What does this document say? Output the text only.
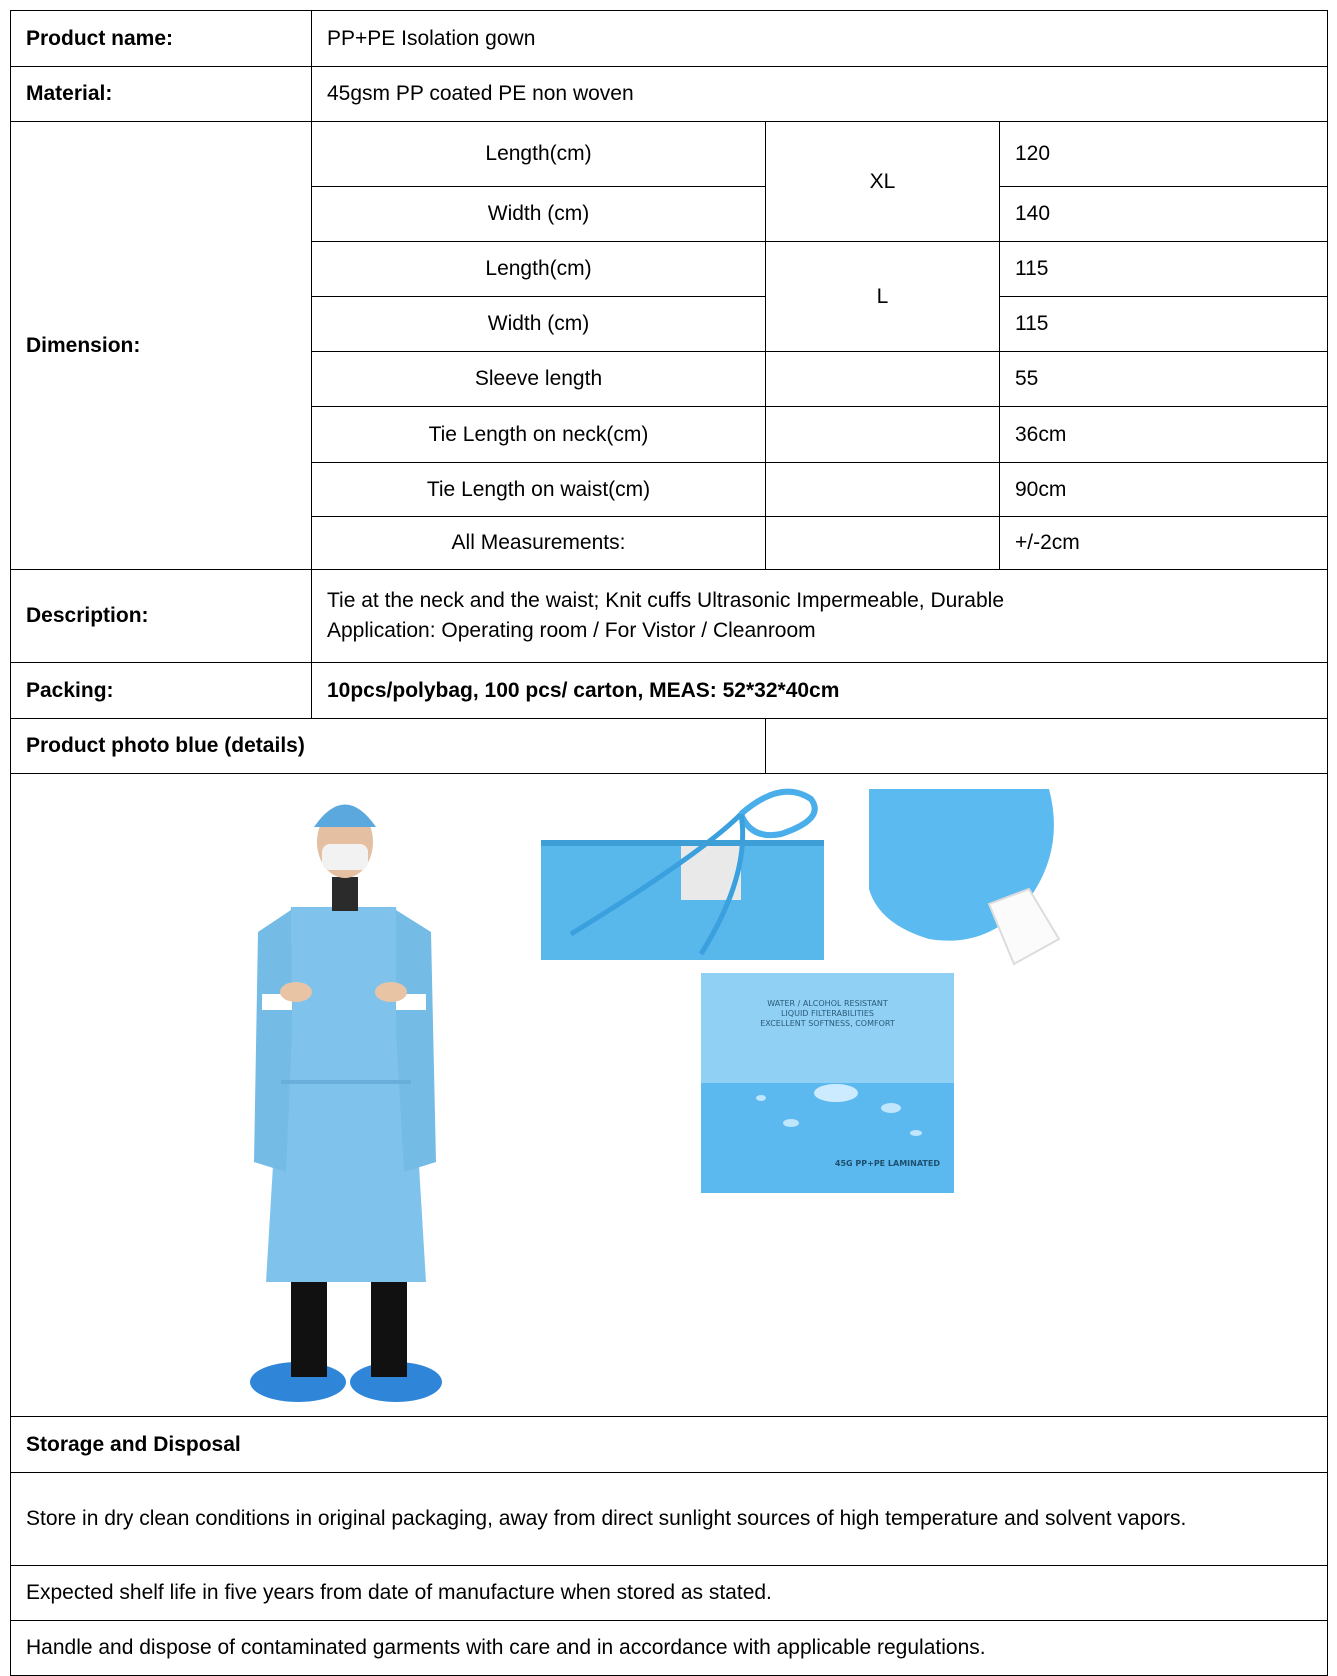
Product name:	PP+PE Isolation gown		
Material:	45gsm PP coated PE non woven		
Dimension:	Length(cm)	XL	120
	Width (cm)		140
	Length(cm)	L	115
	Width (cm)		115
	Sleeve length		55
	Tie Length on neck(cm)		36cm
	Tie Length on waist(cm)		90cm
	All Measurements:		+/-2cm
Description:	Tie at the neck and the waist; Knit cuffs Ultrasonic Impermeable, Durable
Application: Operating room / For Vistor / Cleanroom		

Packing:	10pcs/polybag, 100 pcs/ carton, MEAS: 52*32*40cm		
Product photo blue (details)			

WATER / ALCOHOL RESISTANT
LIQUID FILTERABILITIES
EXCELLENT SOFTNESS, COMFORT
45G PP+PE LAMINATED			

Storage and Disposal			
Store in dry clean conditions in original packaging, away from direct sunlight sources of high temperature and solvent vapors.			
Expected shelf life in five years from date of manufacture when stored as stated.			
Handle and dispose of contaminated garments with care and in accordance with applicable regulations.			
